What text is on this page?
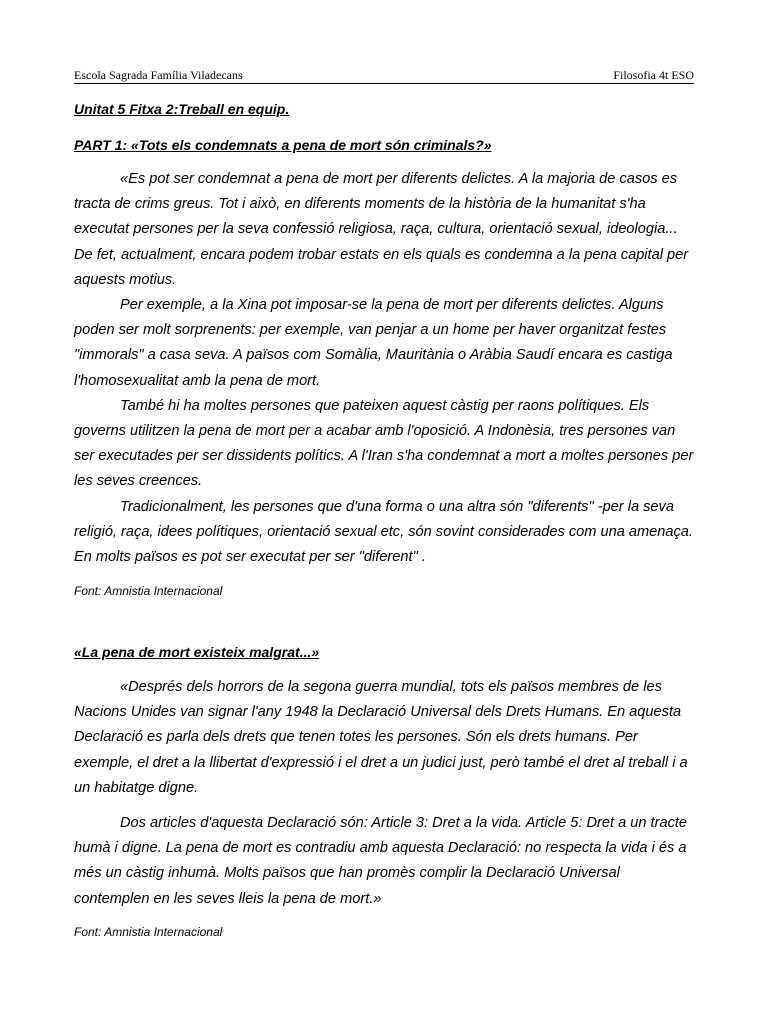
Escola Sagrada Família Viladecans	Filosofia 4t ESO
Unitat 5 Fitxa 2:Treball en equip.
PART 1: «Tots els condemnats a pena de mort són criminals?»

«Es pot ser condemnat a pena de mort per diferents delictes. A la majoria de casos es tracta de crims greus. Tot i això, en diferents moments de la història de la humanitat s'ha executat persones per la seva confessió religiosa, raça, cultura, orientació sexual, ideologia... De fet, actualment, encara podem trobar estats en els quals es condemna a la pena capital per aquests motius.

Per exemple, a la Xina pot imposar-se la pena de mort per diferents delictes. Alguns poden ser molt sorprenents: per exemple, van penjar a un home per haver organitzat festes "immorals" a casa seva. A països com Somàlia, Mauritània o Aràbia Saudí encara es castiga l'homosexualitat amb la pena de mort.

També hi ha moltes persones que pateixen aquest càstig per raons polítiques. Els governs utilitzen la pena de mort per a acabar amb l'oposició. A Indonèsia, tres persones van ser executades per ser dissidents polítics. A l'Iran s'ha condemnat a mort a moltes persones per les seves creences.

Tradicionalment, les persones que d'una forma o una altra són "diferents" -per la seva religió, raça, idees polítiques, orientació sexual etc, són sovint considerades com una amenaça. En molts països es pot ser executat per ser "diferent" .

Font: Amnistia Internacional
«La pena de mort existeix malgrat...»

«Després dels horrors de la segona guerra mundial, tots els països membres de les Nacions Unides van signar l'any 1948 la Declaració Universal dels Drets Humans. En aquesta Declaració es parla dels drets que tenen totes les persones. Són els drets humans. Per exemple, el dret a la llibertat d'expressió i el dret a un judici just, però també el dret al treball i a un habitatge digne.

Dos articles d'aquesta Declaració són: Article 3: Dret a la vida. Article 5: Dret a un tracte humà i digne. La pena de mort es contradiu amb aquesta Declaració: no respecta la vida i és a més un càstig inhumà. Molts països que han promès complir la Declaració Universal contemplen en les seves lleis la pena de mort.»

Font: Amnistia Internacional
